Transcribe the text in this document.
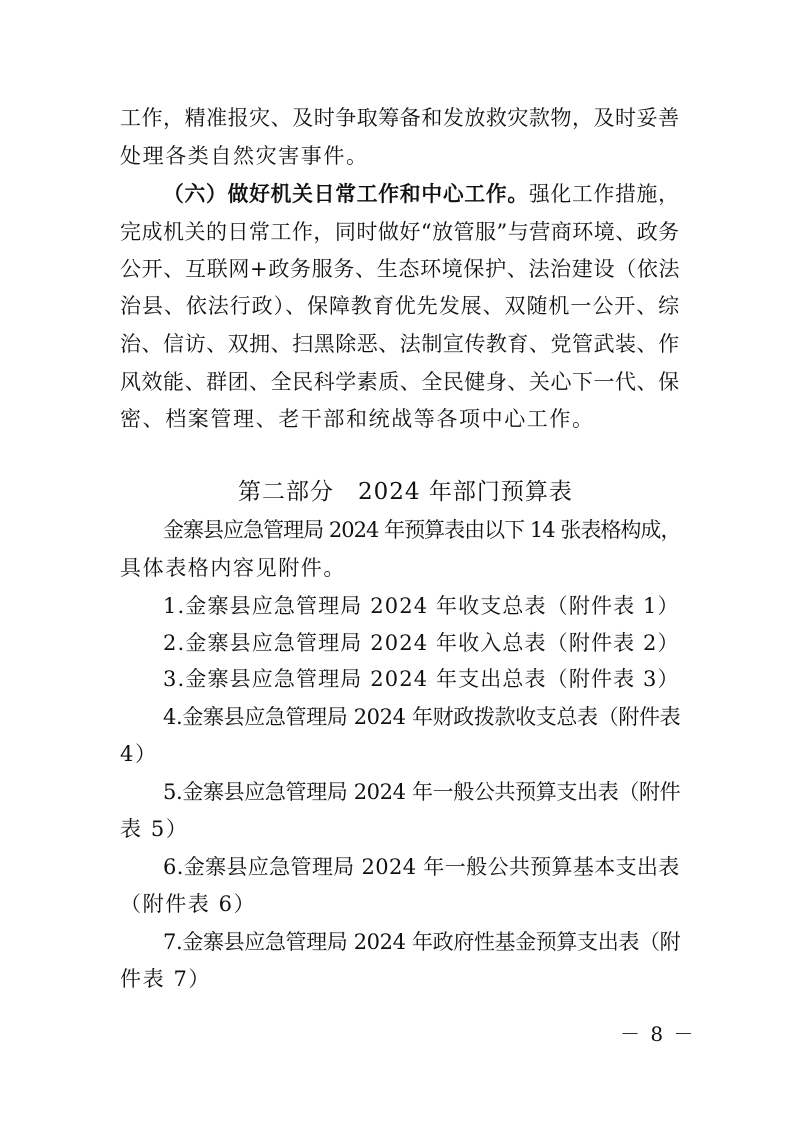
工作，精准报灾、及时争取筹备和发放救灾款物，及时妥善
处理各类自然灾害事件。
（六）做好机关日常工作和中心工作。强化工作措施，
完成机关的日常工作，同时做好“放管服”与营商环境、政务
公开、互联网+政务服务、生态环境保护、法治建设（依法
治县、依法行政）、保障教育优先发展、双随机一公开、综
治、信访、双拥、扫黑除恶、法制宣传教育、党管武装、作
风效能、群团、全民科学素质、全民健身、关心下一代、保
密、档案管理、老干部和统战等各项中心工作。
第二部分　2024 年部门预算表
金寨县应急管理局 2024 年预算表由以下 14 张表格构成，
具体表格内容见附件。
1.金寨县应急管理局 2024 年收支总表（附件表 1）
2.金寨县应急管理局 2024 年收入总表（附件表 2）
3.金寨县应急管理局 2024 年支出总表（附件表 3）
4.金寨县应急管理局 2024 年财政拨款收支总表（附件表
4）
5.金寨县应急管理局 2024 年一般公共预算支出表（附件
表 5）
6.金寨县应急管理局 2024 年一般公共预算基本支出表
（附件表 6）
7.金寨县应急管理局 2024 年政府性基金预算支出表（附
件表 7）
－ 8 －
